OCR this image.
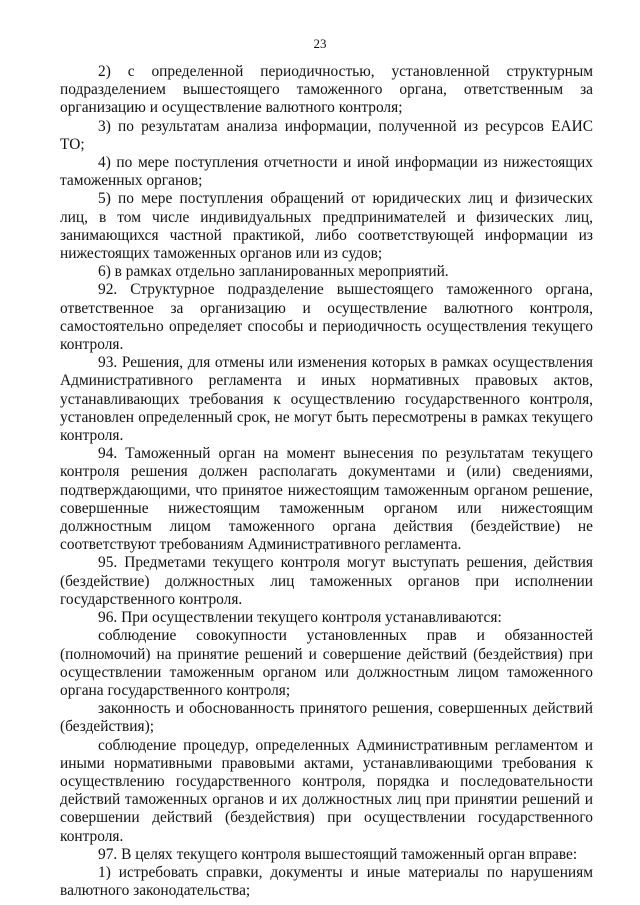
23

2) с определенной периодичностью, установленной структурным подразделением вышестоящего таможенного органа, ответственным за организацию и осуществление валютного контроля;

3) по результатам анализа информации, полученной из ресурсов ЕАИС ТО;

4) по мере поступления отчетности и иной информации из нижестоящих таможенных органов;

5) по мере поступления обращений от юридических лиц и физических лиц, в том числе индивидуальных предпринимателей и физических лиц, занимающихся частной практикой, либо соответствующей информации из нижестоящих таможенных органов или из судов;

6) в рамках отдельно запланированных мероприятий.

92. Структурное подразделение вышестоящего таможенного органа, ответственное за организацию и осуществление валютного контроля, самостоятельно определяет способы и периодичность осуществления текущего контроля.

93. Решения, для отмены или изменения которых в рамках осуществления Административного регламента и иных нормативных правовых актов, устанавливающих требования к осуществлению государственного контроля, установлен определенный срок, не могут быть пересмотрены в рамках текущего контроля.

94. Таможенный орган на момент вынесения по результатам текущего контроля решения должен располагать документами и (или) сведениями, подтверждающими, что принятое нижестоящим таможенным органом решение, совершенные нижестоящим таможенным органом или нижестоящим должностным лицом таможенного органа действия (бездействие) не соответствуют требованиям Административного регламента.

95. Предметами текущего контроля могут выступать решения, действия (бездействие) должностных лиц таможенных органов при исполнении государственного контроля.

96. При осуществлении текущего контроля устанавливаются:

соблюдение совокупности установленных прав и обязанностей (полномочий) на принятие решений и совершение действий (бездействия) при осуществлении таможенным органом или должностным лицом таможенного органа государственного контроля;

законность и обоснованность принятого решения, совершенных действий (бездействия);

соблюдение процедур, определенных Административным регламентом и иными нормативными правовыми актами, устанавливающими требования к осуществлению государственного контроля, порядка и последовательности действий таможенных органов и их должностных лиц при принятии решений и совершении действий (бездействия) при осуществлении государственного контроля.

97. В целях текущего контроля вышестоящий таможенный орган вправе:

1) истребовать справки, документы и иные материалы по нарушениям валютного законодательства;
